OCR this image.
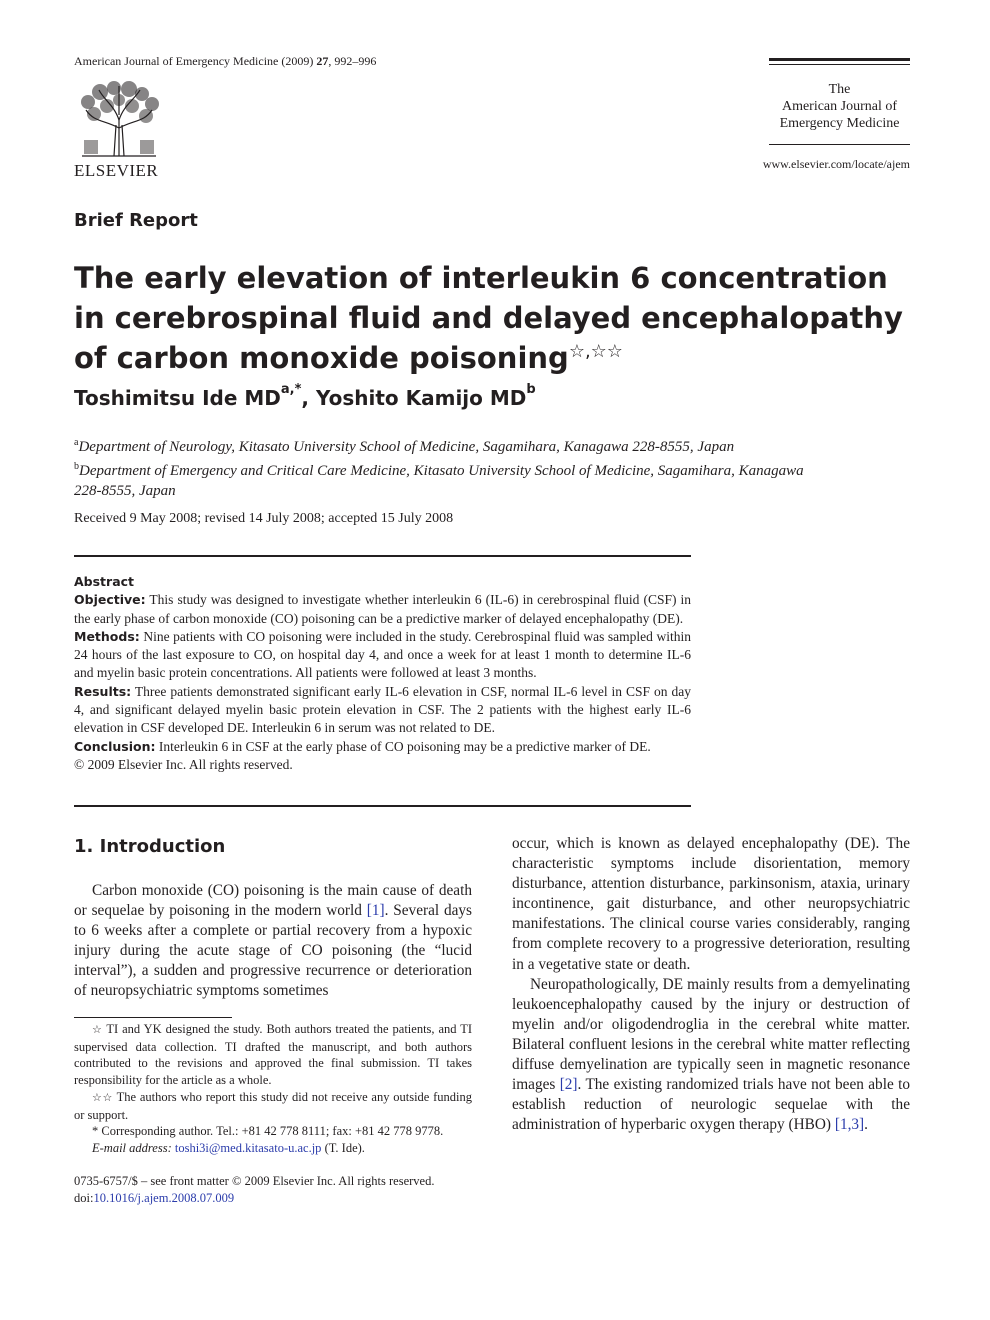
American Journal of Emergency Medicine (2009) 27, 992–996
ELSEVIER
The
American Journal of
Emergency Medicine
www.elsevier.com/locate/ajem
Brief Report
The early elevation of interleukin 6 concentration in cerebrospinal fluid and delayed encephalopathy of carbon monoxide poisoning☆,☆☆
Toshimitsu Ide $MD^{a,*}$, Yoshito Kamijo $MD^b$
$^a$Department of Neurology, Kitasato University School of Medicine, Sagamihara, Kanagawa 228-8555, Japan
$^b$Department of Emergency and Critical Care Medicine, Kitasato University School of Medicine, Sagamihara, Kanagawa 228-8555, Japan
Received 9 May 2008; revised 14 July 2008; accepted 15 July 2008

Abstract

Objective: This study was designed to investigate whether interleukin 6 (IL-6) in cerebrospinal fluid (CSF) in the early phase of carbon monoxide (CO) poisoning can be a predictive marker of delayed encephalopathy (DE).

Methods: Nine patients with CO poisoning were included in the study. Cerebrospinal fluid was sampled within 24 hours of the last exposure to CO, on hospital day 4, and once a week for at least 1 month to determine IL-6 and myelin basic protein concentrations. All patients were followed at least 3 months.

Results: Three patients demonstrated significant early IL-6 elevation in CSF, normal IL-6 level in CSF on day 4, and significant delayed myelin basic protein elevation in CSF. The 2 patients with the highest early IL-6 elevation in CSF developed DE. Interleukin 6 in serum was not related to DE.

Conclusion: Interleukin 6 in CSF at the early phase of CO poisoning may be a predictive marker of DE.

© 2009 Elsevier Inc. All rights reserved.

1. Introduction

Carbon monoxide (CO) poisoning is the main cause of death or sequelae by poisoning in the modern world [1]. Several days to 6 weeks after a complete or partial recovery from a hypoxic injury during the acute stage of CO poisoning (the “lucid interval”), a sudden and progressive recurrence or deterioration of neuropsychiatric symptoms sometimes

occur, which is known as delayed encephalopathy (DE). The characteristic symptoms include disorientation, memory disturbance, attention disturbance, parkinsonism, ataxia, urinary incontinence, gait disturbance, and other neuropsychiatric manifestations. The clinical course varies considerably, ranging from complete recovery to a progressive deterioration, resulting in a vegetative state or death.

Neuropathologically, DE mainly results from a demyelinating leukoencephalopathy caused by the injury or destruction of myelin and/or oligodendroglia in the cerebral white matter. Bilateral confluent lesions in the cerebral white matter reflecting diffuse demyelination are typically seen in magnetic resonance images [2]. The existing randomized trials have not been able to establish reduction of neurologic sequelae with the administration of hyperbaric oxygen therapy (HBO) [1,3].

☆ TI and YK designed the study. Both authors treated the patients, and TI supervised data collection. TI drafted the manuscript, and both authors contributed to the revisions and approved the final submission. TI takes responsibility for the article as a whole.

☆☆ The authors who report this study did not receive any outside funding or support.

* Corresponding author. Tel.: +81 42 778 8111; fax: +81 42 778 9778.

E-mail address: toshi3i@med.kitasato-u.ac.jp (T. Ide).

0735-6757/$ – see front matter © 2009 Elsevier Inc. All rights reserved.
doi:10.1016/j.ajem.2008.07.009
